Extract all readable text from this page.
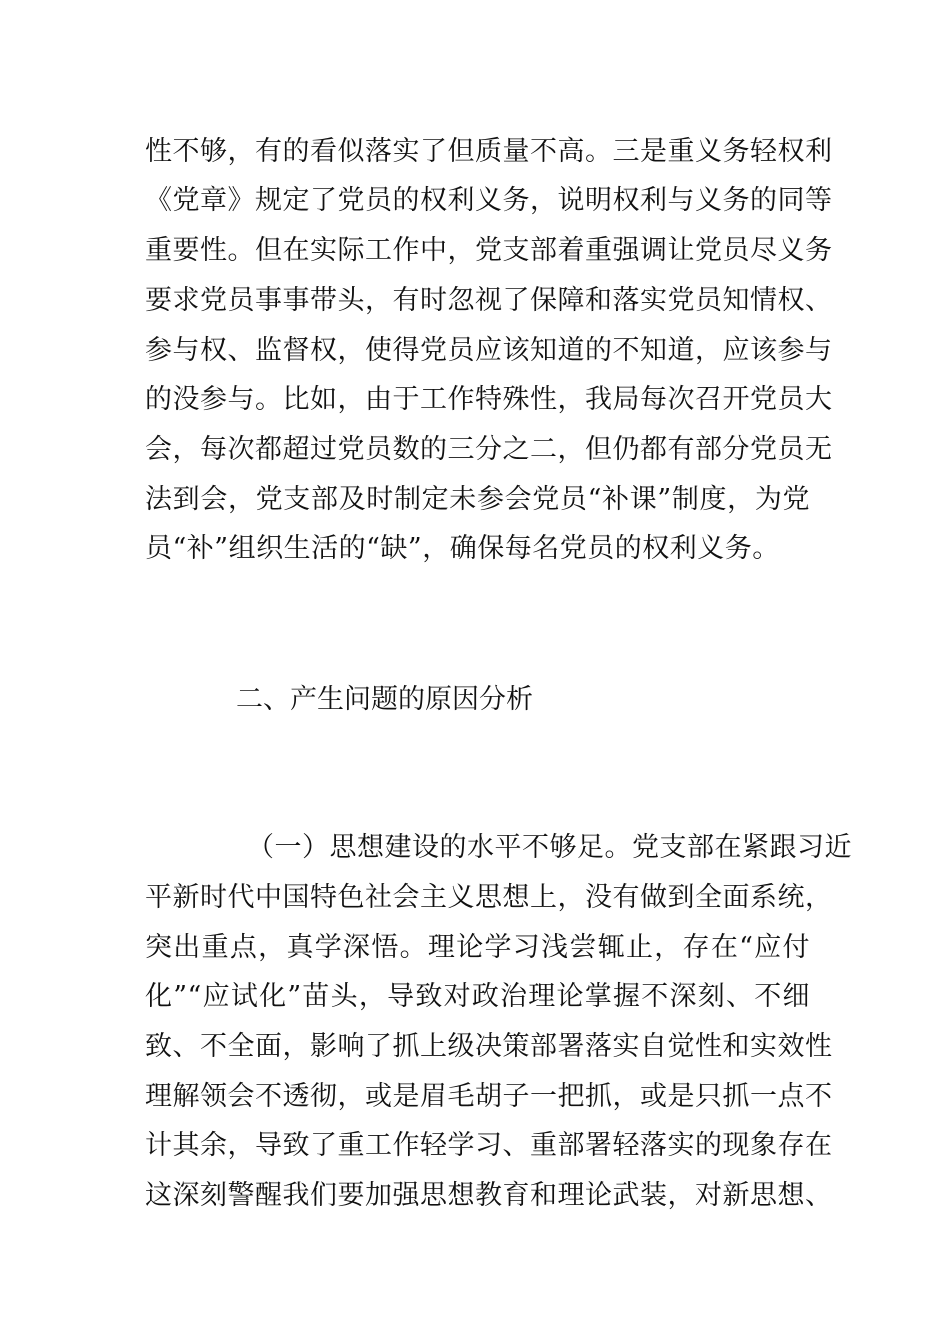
性不够，有的看似落实了但质量不高。三是重义务轻权利
《党章》规定了党员的权利义务，说明权利与义务的同等
重要性。但在实际工作中，党支部着重强调让党员尽义务
要求党员事事带头，有时忽视了保障和落实党员知情权、
参与权、监督权，使得党员应该知道的不知道，应该参与
的没参与。比如，由于工作特殊性，我局每次召开党员大
会，每次都超过党员数的三分之二，但仍都有部分党员无
法到会，党支部及时制定未参会党员“补课”制度，为党
员“补”组织生活的“缺”，确保每名党员的权利义务。
二、产生问题的原因分析
（一）思想建设的水平不够足。党支部在紧跟习近
平新时代中国特色社会主义思想上，没有做到全面系统，
突出重点，真学深悟。理论学习浅尝辄止，存在“应付
化”“应试化”苗头，导致对政治理论掌握不深刻、不细
致、不全面，影响了抓上级决策部署落实自觉性和实效性
理解领会不透彻，或是眉毛胡子一把抓，或是只抓一点不
计其余，导致了重工作轻学习、重部署轻落实的现象存在
这深刻警醒我们要加强思想教育和理论武装，对新思想、
